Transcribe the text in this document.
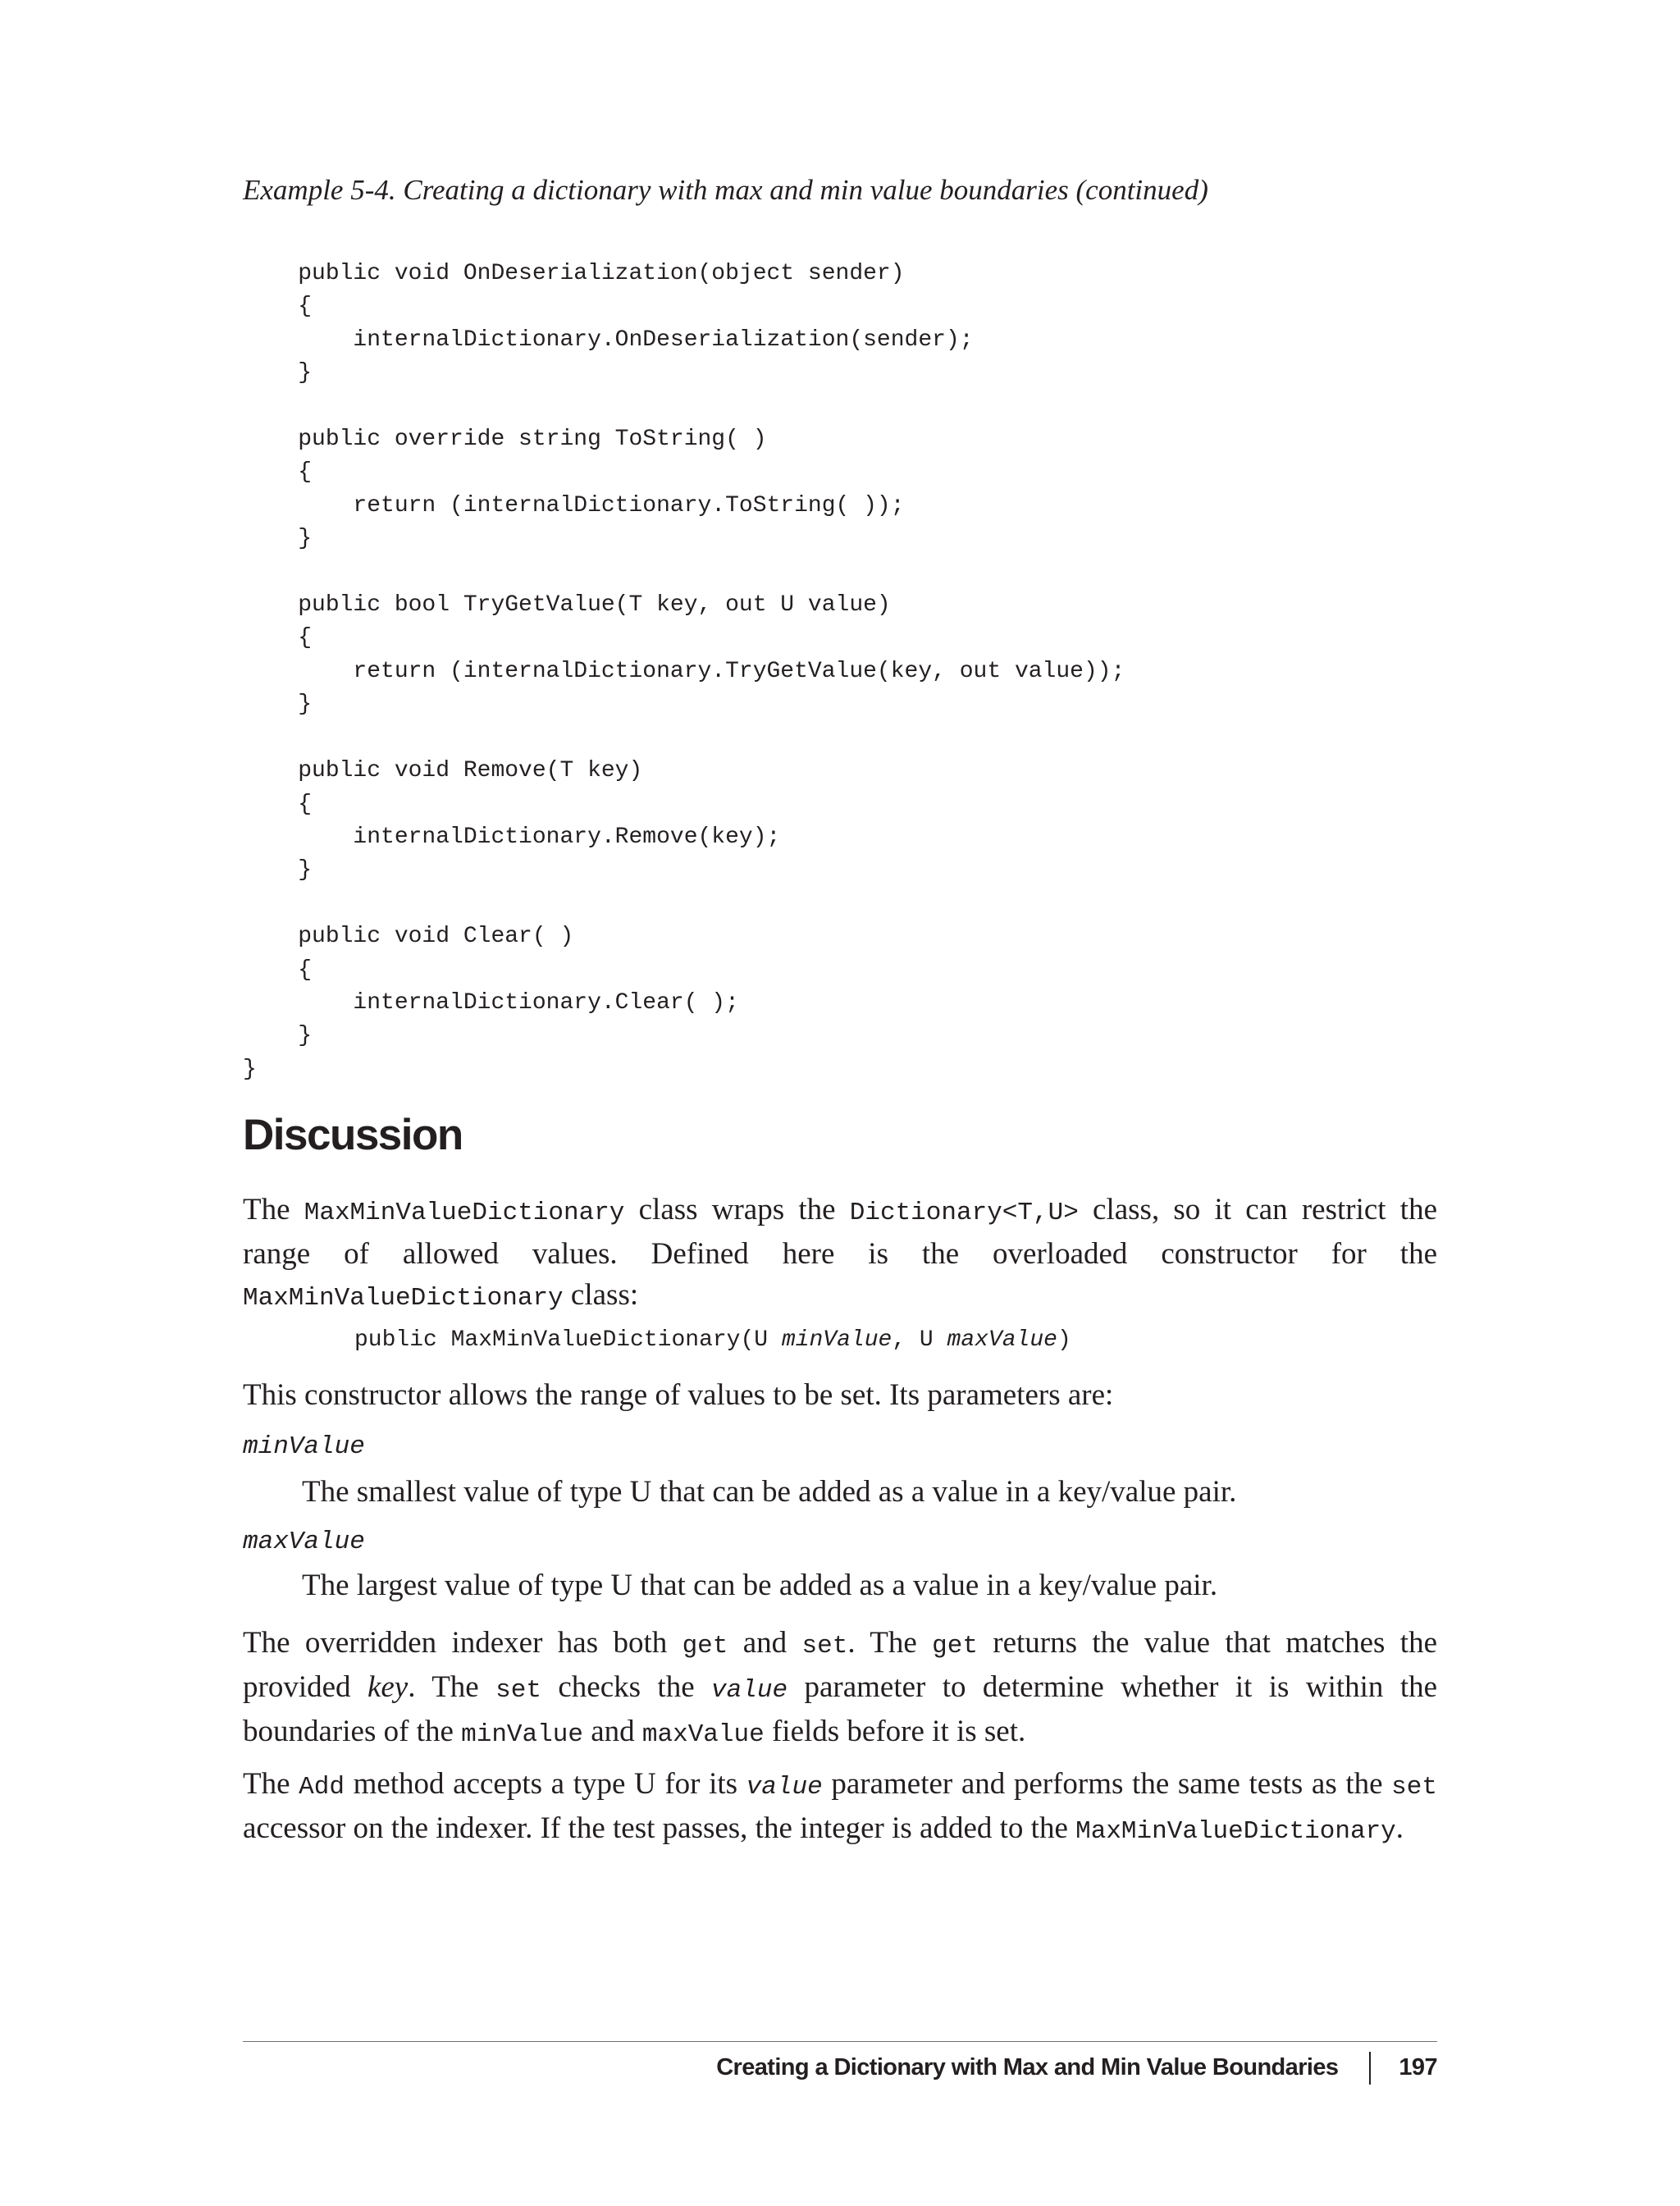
Example 5-4. Creating a dictionary with max and min value boundaries (continued)
public void OnDeserialization(object sender)
{
internalDictionary.OnDeserialization(sender);
}

public override string ToString( )
{
return (internalDictionary.ToString( ));
}

public bool TryGetValue(T key, out U value)
{
return (internalDictionary.TryGetValue(key, out value));
}

public void Remove(T key)
{
internalDictionary.Remove(key);
}

public void Clear( )
{
internalDictionary.Clear( );
}
}
Discussion

The MaxMinValueDictionary class wraps the Dictionary<T,U> class, so it can restrict the range of allowed values. Defined here is the overloaded constructor for the MaxMinValueDictionary class:

public MaxMinValueDictionary(U minValue, U maxValue)

This constructor allows the range of values to be set. Its parameters are:

minValue
The smallest value of type U that can be added as a value in a key/value pair.
maxValue
The largest value of type U that can be added as a value in a key/value pair.

The overridden indexer has both get and set. The get returns the value that matches the provided key. The set checks the value parameter to determine whether it is within the boundaries of the minValue and maxValue fields before it is set.

The Add method accepts a type U for its value parameter and performs the same tests as the set accessor on the indexer. If the test passes, the integer is added to the MaxMinValueDictionary.

Creating a Dictionary with Max and Min Value Boundaries	197
